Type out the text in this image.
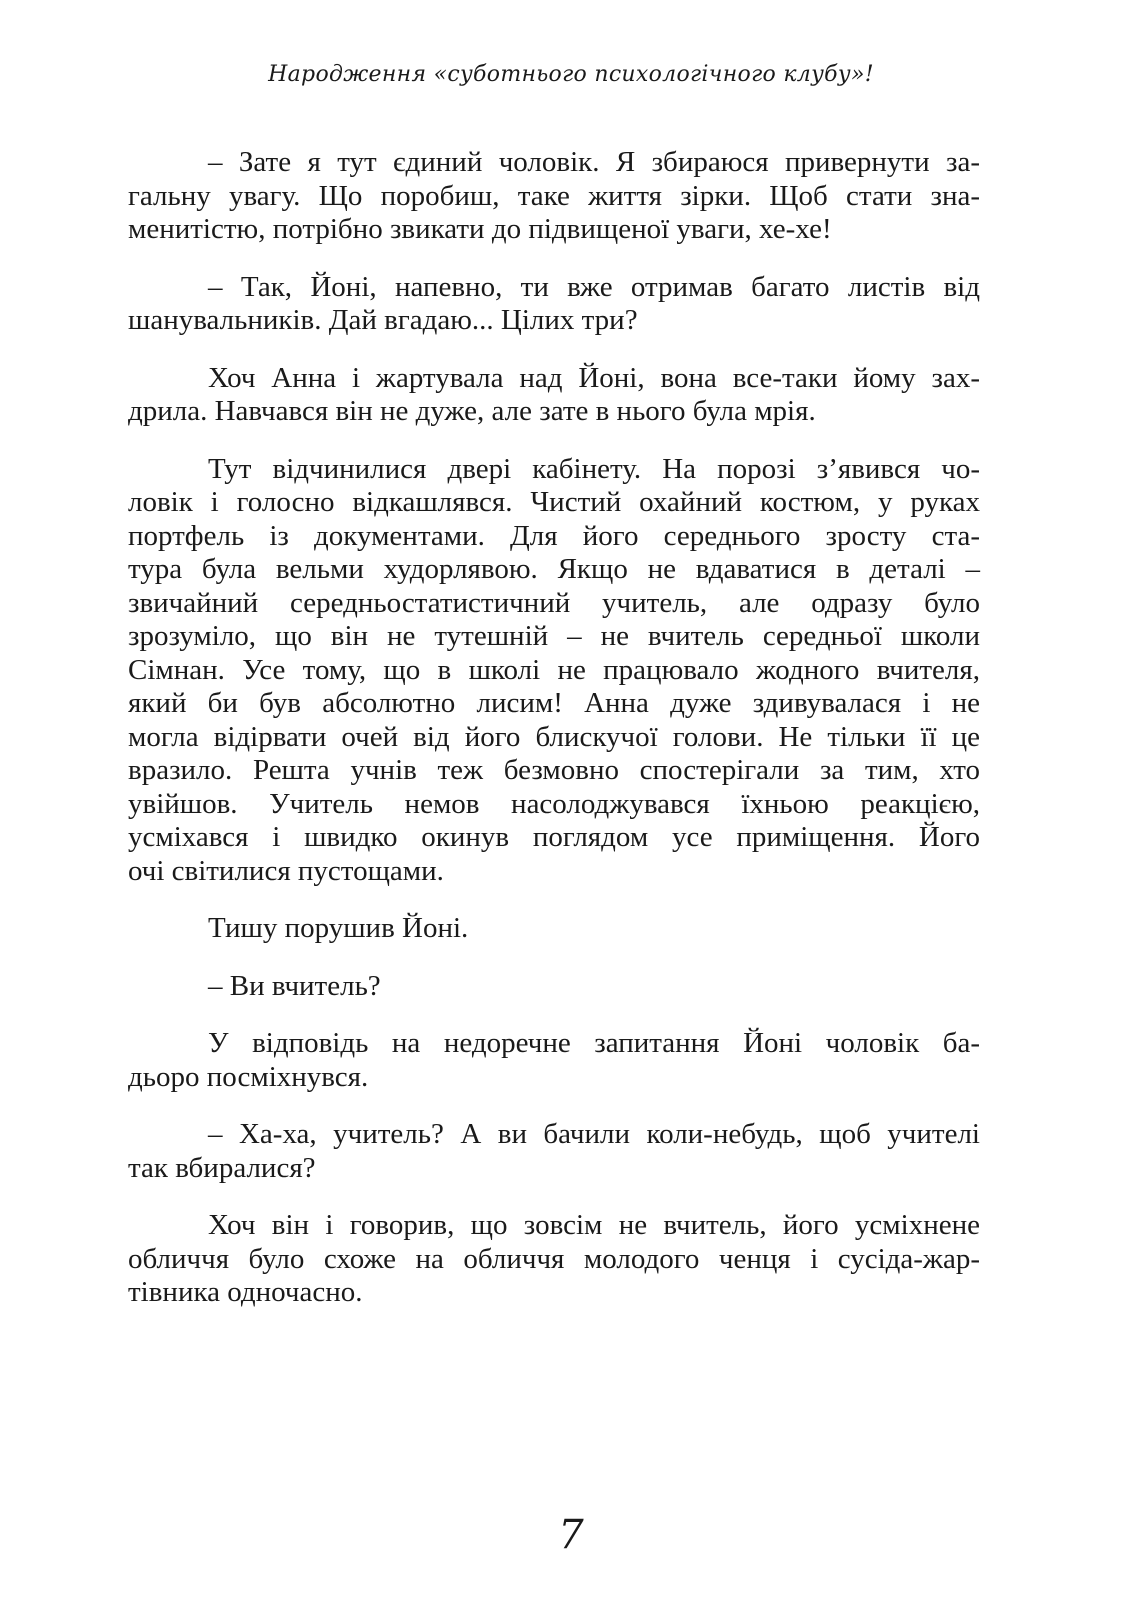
Народження «суботнього психологічного клубу»!
– Зате я тут єдиний чоловік. Я збираюся привернути за-
гальну увагу. Що поробиш, таке життя зірки. Щоб стати зна-
менитістю, потрібно звикати до підвищеної уваги, хе-хе!
– Так, Йоні, напевно, ти вже отримав багато листів від
шанувальників. Дай вгадаю... Цілих три?
Хоч Анна і жартувала над Йоні, вона все-таки йому зах-
дрила. Навчався він не дуже, але зате в нього була мрія.
Тут відчинилися двері кабінету. На порозі з’явився чо-
ловік і голосно відкашлявся. Чистий охайний костюм, у руках
портфель із документами. Для його середнього зросту ста-
тура була вельми худорлявою. Якщо не вдаватися в деталі –
звичайний середньостатистичний учитель, але одразу було
зрозуміло, що він не тутешній – не вчитель середньої школи
Сімнан. Усе тому, що в школі не працювало жодного вчителя,
який би був абсолютно лисим! Анна дуже здивувалася і не
могла відірвати очей від його блискучої голови. Не тільки її це
вразило. Решта учнів теж безмовно спостерігали за тим, хто
увійшов. Учитель немов насолоджувався їхньою реакцією,
усміхався і швидко окинув поглядом усе приміщення. Його
очі світилися пустощами.
Тишу порушив Йоні.
– Ви вчитель?
У відповідь на недоречне запитання Йоні чоловік ба-
дьоро посміхнувся.
– Ха-ха, учитель? А ви бачили коли-небудь, щоб учителі
так вбиралися?
Хоч він і говорив, що зовсім не вчитель, його усміхнене
обличчя було схоже на обличчя молодого ченця і сусіда-жар-
тівника одночасно.
7
